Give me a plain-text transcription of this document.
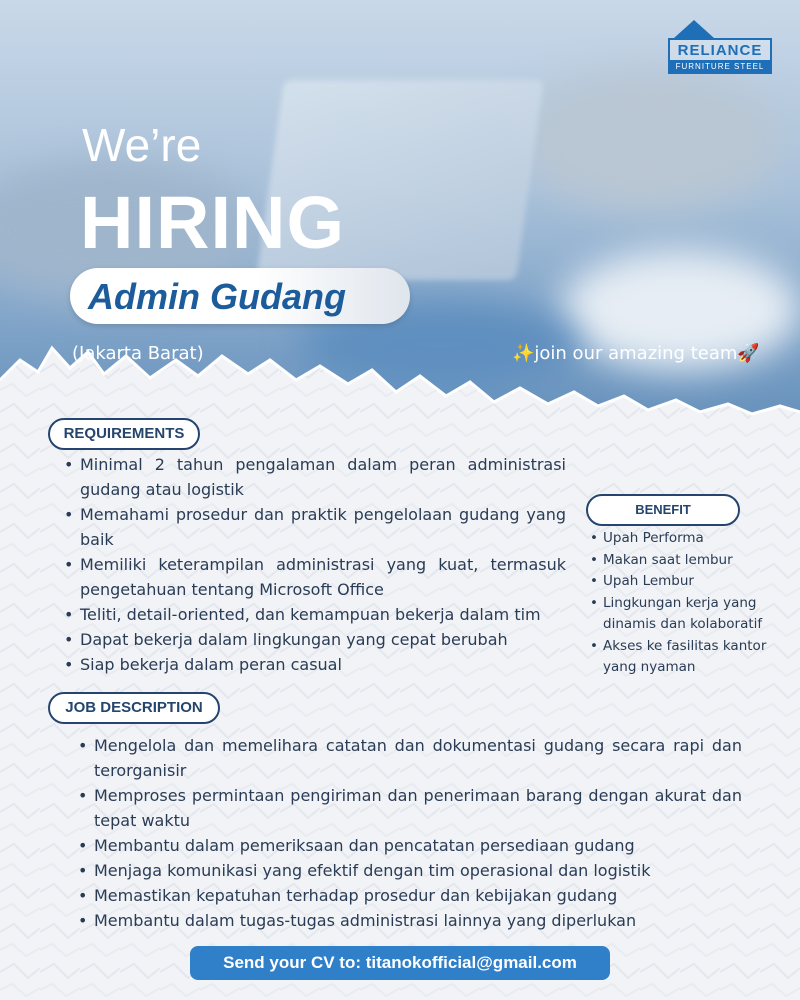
RELIANCE
FURNITURE STEEL
We’re
HIRING
Admin Gudang
(Jakarta Barat)	✨join our amazing team🚀
REQUIREMENTS
• Minimal 2 tahun pengalaman dalam peran administrasi gudang atau logistik
• Memahami prosedur dan praktik pengelolaan gudang yang baik
• Memiliki keterampilan administrasi yang kuat, termasuk pengetahuan tentang Microsoft Office
• Teliti, detail-oriented, dan kemampuan bekerja dalam tim
• Dapat bekerja dalam lingkungan yang cepat berubah
• Siap bekerja dalam peran casual
BENEFIT
• Upah Performa
• Makan saat lembur
• Upah Lembur
• Lingkungan kerja yang dinamis dan kolaboratif
• Akses ke fasilitas kantor yang nyaman
JOB DESCRIPTION
• Mengelola dan memelihara catatan dan dokumentasi gudang secara rapi dan terorganisir
• Memproses permintaan pengiriman dan penerimaan barang dengan akurat dan tepat waktu
• Membantu dalam pemeriksaan dan pencatatan persediaan gudang
• Menjaga komunikasi yang efektif dengan tim operasional dan logistik
• Memastikan kepatuhan terhadap prosedur dan kebijakan gudang
• Membantu dalam tugas-tugas administrasi lainnya yang diperlukan
Send your CV to: titanokofficial@gmail.com
